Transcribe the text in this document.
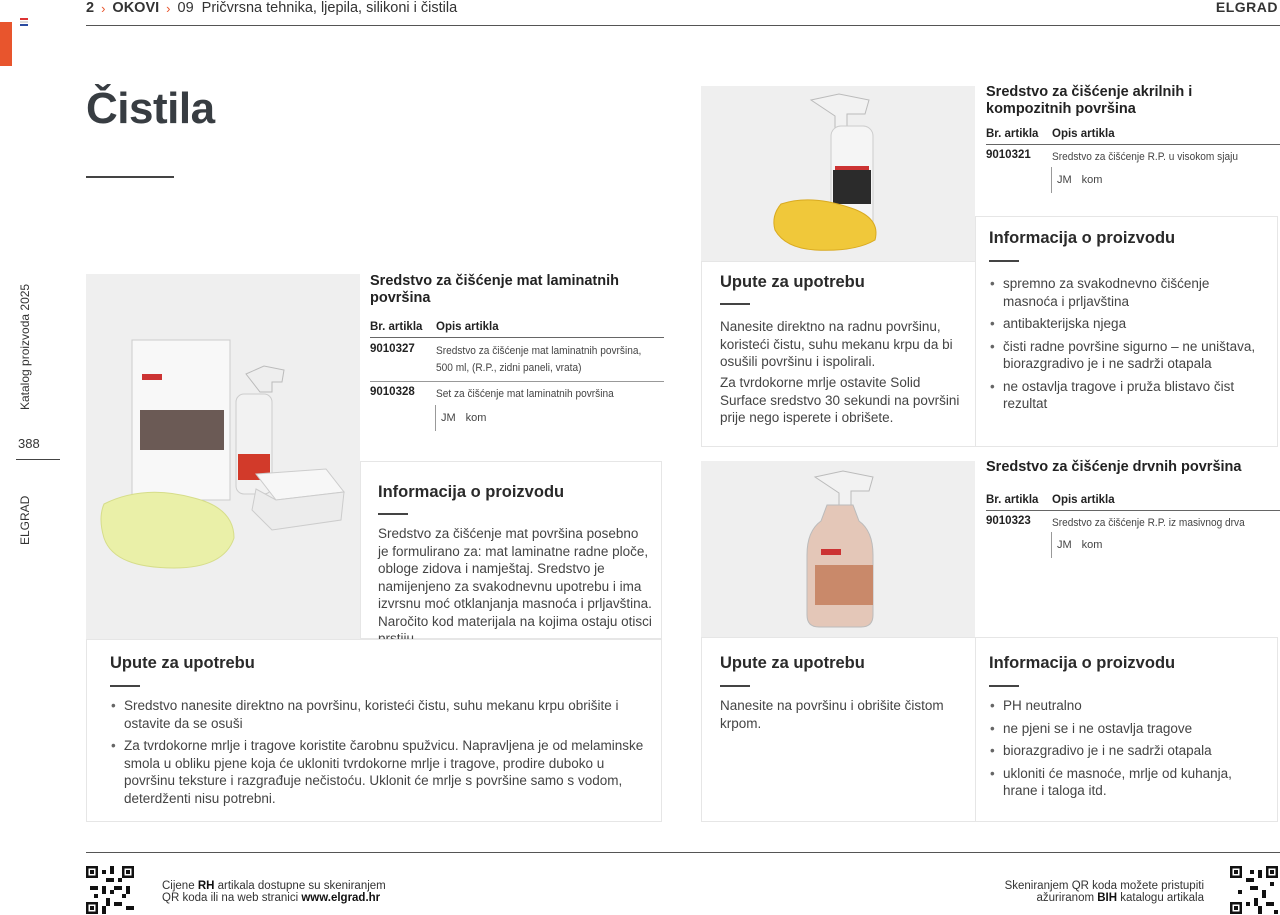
Katalog proizvoda 2025
388
ELGRAD
2 › OKOVI › 09  Pričvrsna tehnika, ljepila, silikoni i čistila	ELGRAD
Čistila
Sredstvo za čišćenje mat laminatnih površina
Br. artikla	Opis artikla
9010327	Sredstvo za čišćenje mat laminatnih površina, 500 ml, (R.P., zidni paneli, vrata)
9010328	Set za čišćenje mat laminatnih površina
JM kom
Informacija o proizvodu
Sredstvo za čišćenje mat površina posebno je formulirano za: mat laminatne radne ploče, obloge zidova i namještaj. Sredstvo je namijenjeno za svakodnevnu upotrebu i ima izvrsnu moć otklanjanja masnoća i prljavština. Naročito kod materijala na kojima ostaju otisci
Upute za upotrebu
• Sredstvo nanesite direktno na površinu, koristeći čistu, suhu mekanu krpu obrišite i ostavite da se osuši
• Za tvrdokorne mrlje i tragove koristite čarobnu spužvicu. Napravljena je od melaminske smola u obliku pjene koja će ukloniti tvrdokorne mrlje i tragove, prodire duboko u površinu teksture i razgrađuje nečistoću. Uklonit će mrlje s površine samo s vodom, deterdženti nisu potrebni.
Sredstvo za čišćenje akrilnih i kompozitnih površina
Br. artikla	Opis artikla
9010321	Sredstvo za čišćenje R.P. u visokom sjaju
JM kom
Upute za upotrebu
Nanesite direktno na radnu površinu, koristeći čistu, suhu mekanu krpu da bi osušili površinu i ispolirali.
Za tvrdokorne mrlje ostavite Solid Surface sredstvo 30 sekundi na površini prije nego isperete i obrišete.
Informacija o proizvodu
• spremno za svakodnevno čišćenje masnoća i prljavština
• antibakterijska njega
• čisti radne površine sigurno – ne uništava, biorazgradivo je i ne sadrži otapala
• ne ostavlja tragove i pruža blistavo čist rezultat
Sredstvo za čišćenje drvnih površina
Br. artikla	Opis artikla
9010323	Sredstvo za čišćenje R.P. iz masivnog drva
JM kom
Upute za upotrebu
Nanesite na površinu i obrišite čistom krpom.
Informacija o proizvodu
• PH neutralno
• ne pjeni se i ne ostavlja tragove
• biorazgradivo je i ne sadrži otapala
• ukloniti će masnoće, mrlje od kuhanja, hrane i taloga itd.
Cijene RH artikala dostupne su skeniranjem
QR koda ili na web stranici www.elgrad.hr
Skeniranjem QR koda možete pristupiti
ažuriranom BIH katalogu artikala
